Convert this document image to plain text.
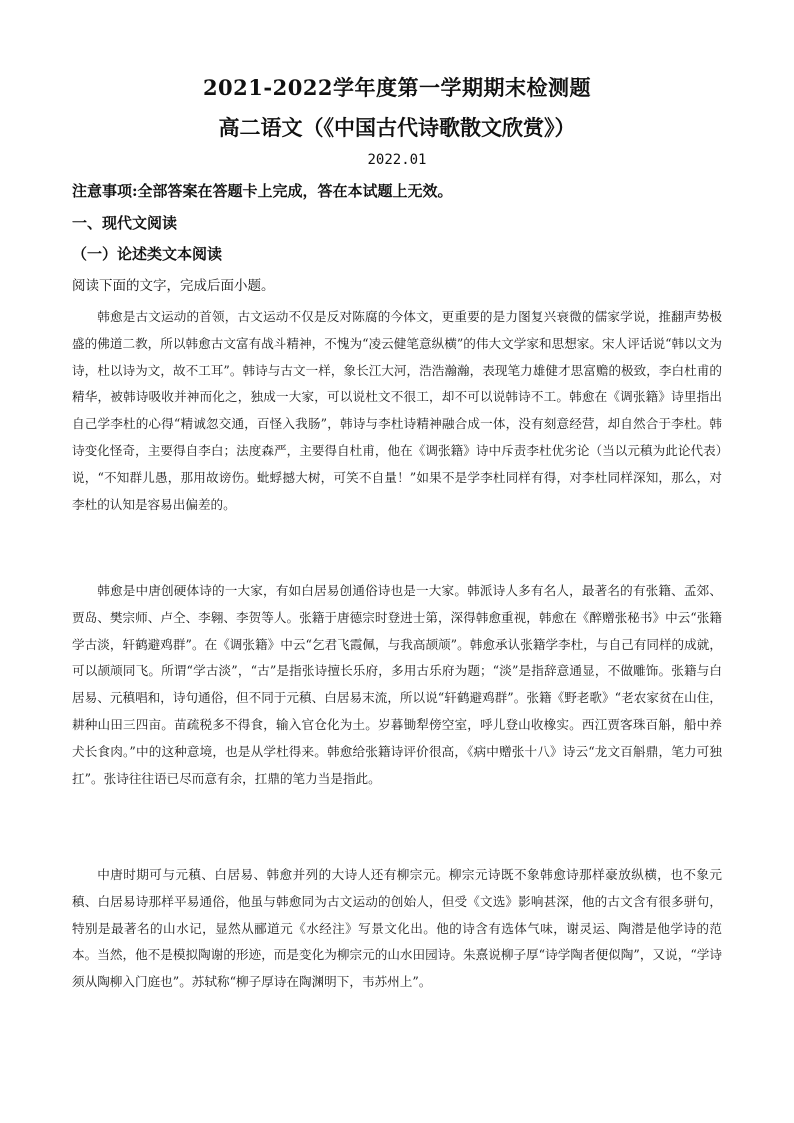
2021-2022学年度第一学期期末检测题
高二语文（《中国古代诗歌散文欣赏》）
2022.01
注意事项:全部答案在答题卡上完成，答在本试题上无效。
一、现代文阅读
（一）论述类文本阅读
阅读下面的文字，完成后面小题。

韩愈是古文运动的首领，古文运动不仅是反对陈腐的今体文，更重要的是力图复兴衰微的儒家学说，推翻声势极盛的佛道二教，所以韩愈古文富有战斗精神，不愧为“凌云健笔意纵横”的伟大文学家和思想家。宋人评话说“韩以文为诗，杜以诗为文，故不工耳”。韩诗与古文一样，象长江大河，浩浩瀚瀚，表现笔力雄健才思富赡的极致，李白杜甫的精华，被韩诗吸收并神而化之，独成一大家，可以说杜文不很工，却不可以说韩诗不工。韩愈在《调张籍》诗里指出自己学李杜的心得“精诚忽交通，百怪入我肠”，韩诗与李杜诗精神融合成一体，没有刻意经营，却自然合于李杜。韩诗变化怪奇，主要得自李白；法度森严，主要得自杜甫，他在《调张籍》诗中斥责李杜优劣论（当以元稹为此论代表）说，“不知群儿愚，那用故谤伤。蚍蜉撼大树，可笑不自量！”如果不是学李杜同样有得，对李杜同样深知，那么，对李杜的认知是容易出偏差的。

韩愈是中唐创硬体诗的一大家，有如白居易创通俗诗也是一大家。韩派诗人多有名人，最著名的有张籍、孟郊、贾岛、樊宗师、卢仝、李翱、李贺等人。张籍于唐德宗时登进士第，深得韩愈重视，韩愈在《醉赠张秘书》中云“张籍学古淡，轩鹤避鸡群”。在《调张籍》中云“乞君飞霞佩，与我高颉颃”。韩愈承认张籍学李杜，与自己有同样的成就，可以颉颃同飞。所谓“学古淡”，“古”是指张诗擅长乐府，多用古乐府为题；“淡”是指辞意通显，不做雕饰。张籍与白居易、元稹唱和，诗句通俗，但不同于元稹、白居易末流，所以说“轩鹤避鸡群”。张籍《野老歌》“老农家贫在山住，耕种山田三四亩。苗疏税多不得食，输入官仓化为土。岁暮锄犁傍空室，呼儿登山收橡实。西江贾客珠百斛，船中养犬长食肉。”中的这种意境，也是从学杜得来。韩愈给张籍诗评价很高，《病中赠张十八》诗云“龙文百斛鼎，笔力可独扛”。张诗往往语已尽而意有余，扛鼎的笔力当是指此。

中唐时期可与元稹、白居易、韩愈并列的大诗人还有柳宗元。柳宗元诗既不象韩愈诗那样豪放纵横，也不象元稹、白居易诗那样平易通俗，他虽与韩愈同为古文运动的创始人，但受《文选》影响甚深，他的古文含有很多骈句，特别是最著名的山水记，显然从郦道元《水经注》写景文化出。他的诗含有选体气味，谢灵运、陶潜是他学诗的范本。当然，他不是模拟陶谢的形迹，而是变化为柳宗元的山水田园诗。朱熹说柳子厚“诗学陶者便似陶”，又说，“学诗须从陶柳入门庭也”。苏轼称“柳子厚诗在陶渊明下，韦苏州上”。
